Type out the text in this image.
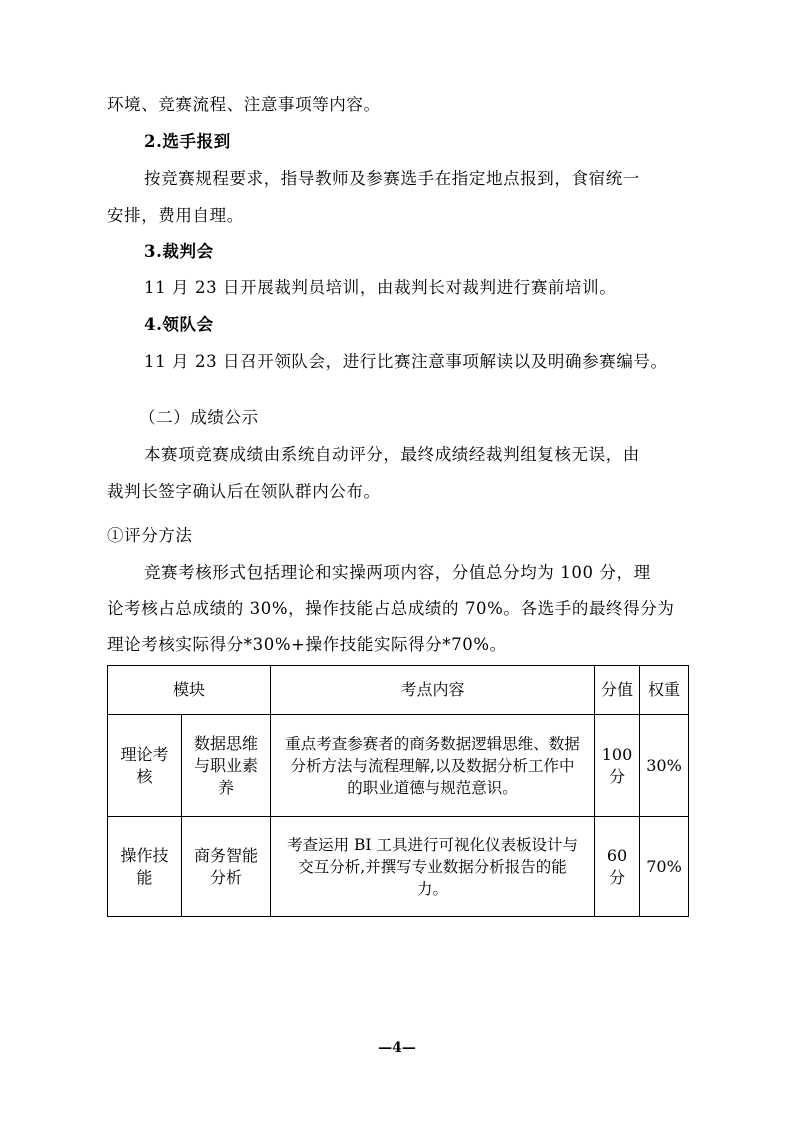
环境、竞赛流程、注意事项等内容。
2.选手报到
按竞赛规程要求，指导教师及参赛选手在指定地点报到，食宿统一
安排，费用自理。
3.裁判会
11 月 23 日开展裁判员培训，由裁判长对裁判进行赛前培训。
4.领队会
11 月 23 日召开领队会，进行比赛注意事项解读以及明确参赛编号。
（二）成绩公示
本赛项竞赛成绩由系统自动评分，最终成绩经裁判组复核无误，由
裁判长签字确认后在领队群内公布。
①评分方法
竞赛考核形式包括理论和实操两项内容，分值总分均为 100 分，理
论考核占总成绩的 30%，操作技能占总成绩的 70%。各选手的最终得分为
理论考核实际得分*30%+操作技能实际得分*70%。
模块		考点内容	分值	权重
理论考核	数据思维与职业素养	重点考查参赛者的商务数据逻辑思维、数据分析方法与流程理解,以及数据分析工作中的职业道德与规范意识。	100分	30%
操作技能	商务智能分析	考查运用 BI 工具进行可视化仪表板设计与交互分析,并撰写专业数据分析报告的能力。	60分	70%
—4—
